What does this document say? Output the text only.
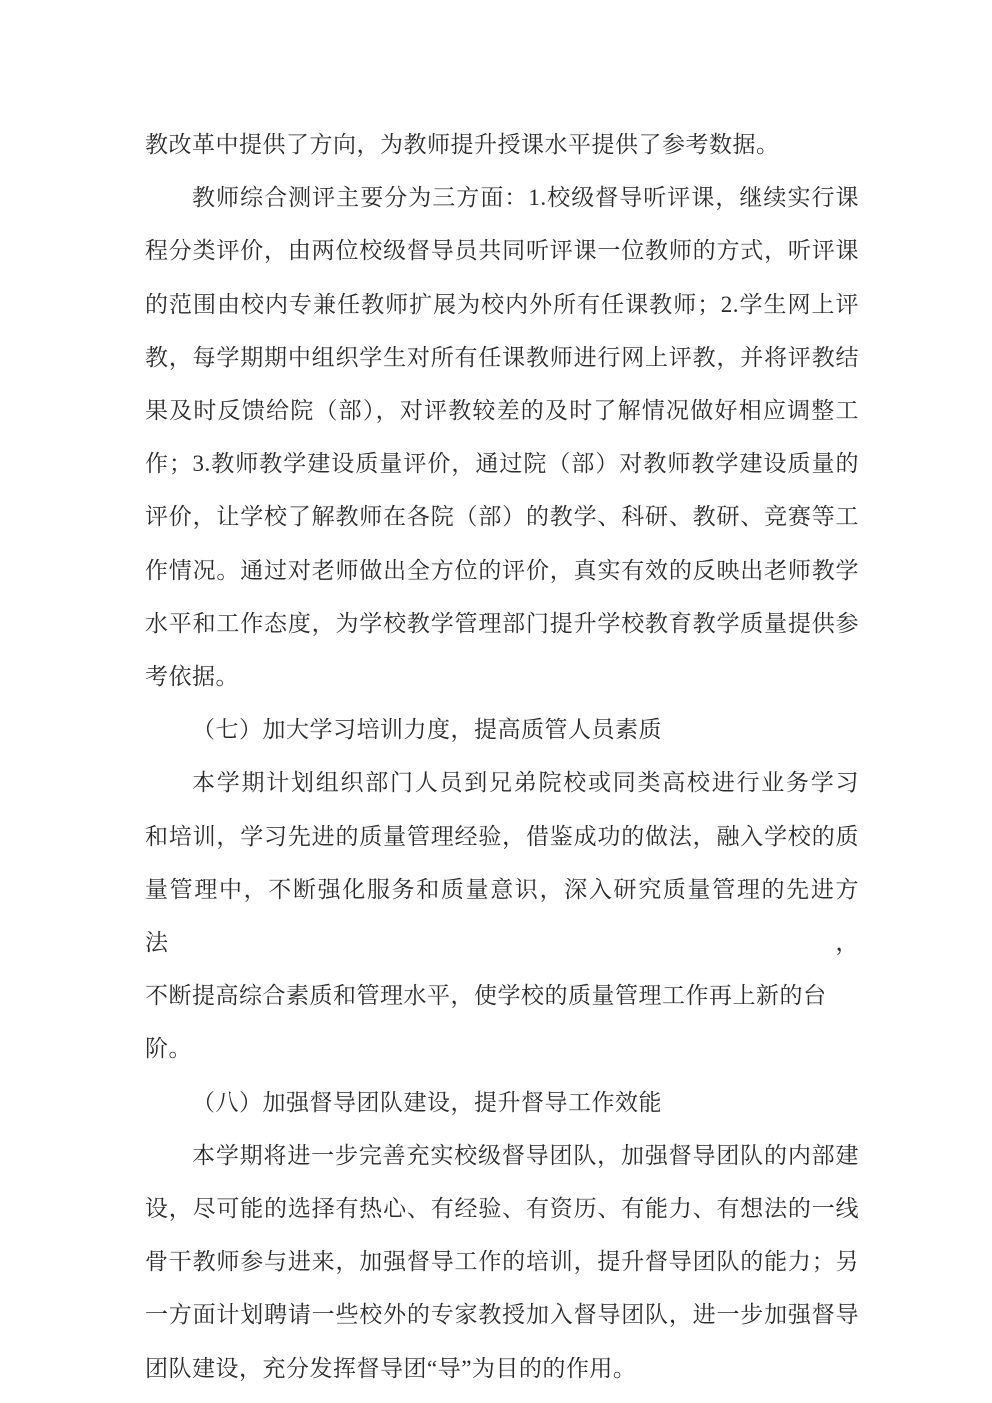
教改革中提供了方向，为教师提升授课水平提供了参考数据。
教师综合测评主要分为三方面：1.校级督导听评课，继续实行课
程分类评价，由两位校级督导员共同听评课一位教师的方式，听评课
的范围由校内专兼任教师扩展为校内外所有任课教师；2.学生网上评
教，每学期期中组织学生对所有任课教师进行网上评教，并将评教结
果及时反馈给院（部），对评教较差的及时了解情况做好相应调整工
作；3.教师教学建设质量评价，通过院（部）对教师教学建设质量的
评价，让学校了解教师在各院（部）的教学、科研、教研、竞赛等工
作情况。通过对老师做出全方位的评价，真实有效的反映出老师教学
水平和工作态度，为学校教学管理部门提升学校教育教学质量提供参
考依据。
（七）加大学习培训力度，提高质管人员素质
本学期计划组织部门人员到兄弟院校或同类高校进行业务学习
和培训，学习先进的质量管理经验，借鉴成功的做法，融入学校的质
量管理中，不断强化服务和质量意识，深入研究质量管理的先进方法，
不断提高综合素质和管理水平，使学校的质量管理工作再上新的台阶。
（八）加强督导团队建设，提升督导工作效能
本学期将进一步完善充实校级督导团队，加强督导团队的内部建
设，尽可能的选择有热心、有经验、有资历、有能力、有想法的一线
骨干教师参与进来，加强督导工作的培训，提升督导团队的能力；另
一方面计划聘请一些校外的专家教授加入督导团队，进一步加强督导
团队建设，充分发挥督导团“导”为目的的作用。
